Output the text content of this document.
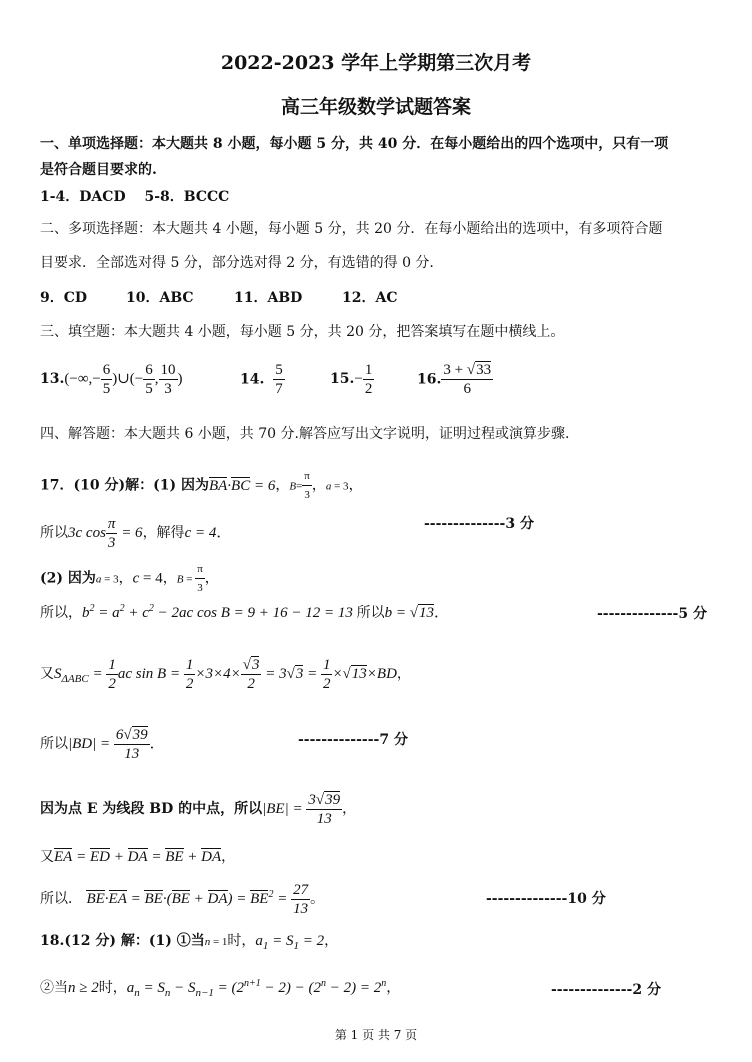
2022-2023 学年上学期第三次月考
高三年级数学试题答案
一、单项选择题：本大题共 8 小题，每小题 5 分，共 40 分．在每小题给出的四个选项中，只有一项
是符合题目要求的.
1-4．DACD　 5-8．BCCC
二、多项选择题：本大题共 4 小题，每小题 5 分，共 20 分．在每小题给出的选项中，有多项符合题
目要求．全部选对得 5 分，部分选对得 2 分，有选错的得 0 分.
9．CD	10．ABC	11．ABD	12．AC
三、填空题：本大题共 4 小题，每小题 5 分，共 20 分，把答案填写在题中横线上。
$13.(-\infty,- \frac{6}{5}$ )∪(− $\frac{6}{5}$ , $\frac{10}{3}$ )	14. $\frac{5}{7}$	$15.- \frac{1}{2}$	16. $\frac{3 + √33}{6}$
四、解答题：本大题共 6 小题，共 70 分.解答应写出文字说明，证明过程或演算步骤.
17．(10 分)解：(1) 因为BA·BC = 6，$B= \frac{\pi}{3}$ ，a = 3，
所以3c $\cos \frac{\pi}{3} = 6$，解得c = 4．
--------------3 分
(2) 因为a = 3，c = 4，$B = \frac{\pi}{3}$ ，
所以，$b^2 = a^2 + c^2 - 2ac$ cos B = 9 + 16 − 12 = 13 所以b = √13．	--------------5 分
又$S_{\Delta ABC} = \frac{1}{2}$ ac $\sin B = \frac{1}{2} \times 3\times 4\times \frac{√3}{2} = 3√3 = \frac{1}{2} \times√13\times BD$，
所以$|BD| = \frac{6√39}{13}$ ．	--------------7 分
因为点 E 为线段 BD 的中点，所以$|BE| = \frac{3√39}{13}$ ，
又EA = ED + DA = BE + DA，
所以． $BE\cdot EA = BE\cdot(BE + DA) = BE^2 = \frac{27}{13}$ 。	--------------10 分
18.(12 分) 解：(1) ①当n = 1时，$a_1 = S_1 = 2$，
②当n ≥ 2时，$a_n = S_n - S_{n-1} = (2^{n+1} - 2) - (2^n - 2) = 2^n$，	--------------2 分
第 1 页 共 7 页
